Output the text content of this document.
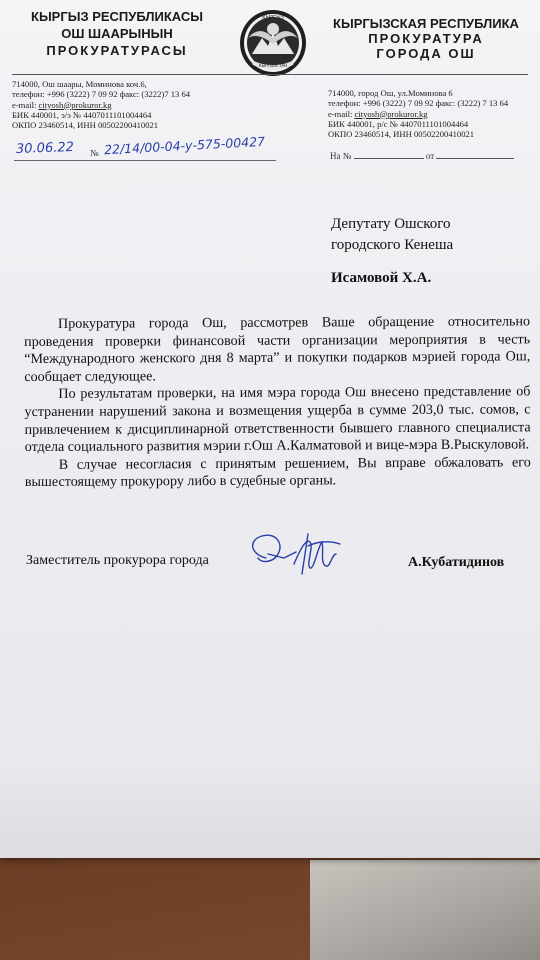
КЫРГЫЗ РЕСПУБЛИКАСЫ
ОШ ШААРЫНЫН
ПРОКУРАТУРАСЫ
КЫРГЫЗ
КЫРГЫЗСТАН
КЫРГЫЗСКАЯ РЕСПУБЛИКА
ПРОКУРАТУРА
ГОРОДА ОШ
714000, Ош шаары, Моминова коч.6,
телефон: +996 (3222) 7 09 92 факс: (3222)7 13 64
e-mail: cityosh@prokuror.kg
БИК 440001, э/э № 4407011101004464
ОКПО 23460514, ИНН 00502200410021
714000, город Ош, ул.Моминова 6
телефон: +996 (3222) 7 09 92 факс: (3222) 7 13 64
e-mail: cityosh@prokuror.kg
БИК 440001, р/с № 4407011101004464
ОКПО 23460514, ИНН 00502200410021
30.06.22 № 22/14/00-04-у-575-00427	На №	от
Депутату Ошского
городского Кенеша
Исамовой Х.А.

Прокуратура города Ош, рассмотрев Ваше обращение относительно проведения проверки финансовой части организации мероприятия в честь “Международного женского дня 8 марта” и покупки подарков мэрией города Ош, сообщает следующее.

По результатам проверки, на имя мэра города Ош внесено представление об устранении нарушений закона и возмещения ущерба в сумме 203,0 тыс. сомов, с привлечением к дисциплинарной ответственности бывшего главного специалиста отдела социального развития мэрии г.Ош А.Калматовой и вице-мэра В.Рыскуловой.

В случае несогласия с принятым решением, Вы вправе обжаловать его вышестоящему прокурору либо в судебные органы.

Заместитель прокурора города	А.Кубатидинов
